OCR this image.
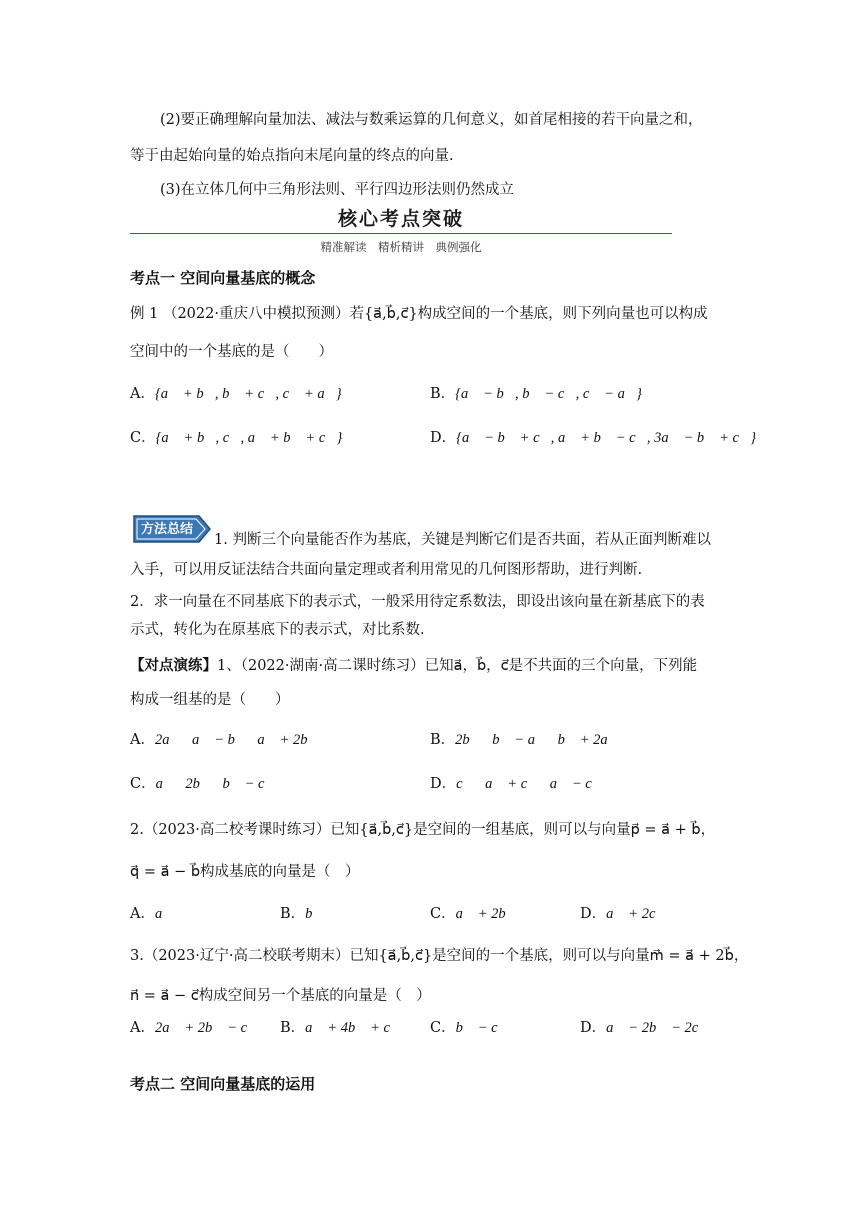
(2)要正确理解向量加法、减法与数乘运算的几何意义，如首尾相接的若干向量之和，
等于由起始向量的始点指向末尾向量的终点的向量.
(3)在立体几何中三角形法则、平行四边形法则仍然成立
核心考点突破
精准解读　精析精讲　典例强化
考点一 空间向量基底的概念
例 1 （2022·重庆八中模拟预测）若{a⃗,b⃗,c⃗}构成空间的一个基底，则下列向量也可以构成
空间中的一个基底的是（　　）
A．{a⃗ + b⃗, b⃗ + c⃗, c⃗ + a⃗}	B．{a⃗ − b⃗, b⃗ − c⃗, c⃗ − a⃗}
C．{a⃗ + b⃗, c⃗, a⃗ + b⃗ + c⃗}	D．{a⃗ − b⃗ + c⃗, a⃗ + b⃗ − c⃗, 3a⃗ − b⃗ + c⃗}
方法总结
1. 判断三个向量能否作为基底，关键是判断它们是否共面，若从正面判断难以
入手，可以用反证法结合共面向量定理或者利用常见的几何图形帮助，进行判断.
2．求一向量在不同基底下的表示式，一般采用待定系数法，即设出该向量在新基底下的表
示式，转化为在原基底下的表示式，对比系数.
【对点演练】1、（2022·湖南·高二课时练习）已知a⃗，b⃗，c⃗是不共面的三个向量，下列能
构成一组基的是（　　）
A．2a⃗，a⃗ − b⃗，a⃗ + 2b⃗	B．2b⃗，b⃗ − a⃗，b⃗ + 2a⃗
C．a⃗，2b⃗，b⃗ − c⃗	D．c⃗，a⃗ + c⃗，a⃗ − c⃗
2.（2023·高二校考课时练习）已知{a⃗,b⃗,c⃗}是空间的一组基底，则可以与向量p⃗ = a⃗ + b⃗，
q⃗ = a⃗ − b⃗构成基底的向量是（　）
A．a⃗	B．b⃗	C．a⃗ + 2b⃗	D．a⃗ + 2c⃗
3.（2023·辽宁·高二校联考期末）已知{a⃗,b⃗,c⃗}是空间的一个基底，则可以与向量m⃗ = a⃗ + 2b⃗，
n⃗ = a⃗ − c⃗构成空间另一个基底的向量是（　）
A．2a⃗ + 2b⃗ − c⃗ B．a⃗ + 4b⃗ + c⃗ C．b⃗ − c⃗	D．a⃗ − 2b⃗ − 2c⃗
考点二 空间向量基底的运用
